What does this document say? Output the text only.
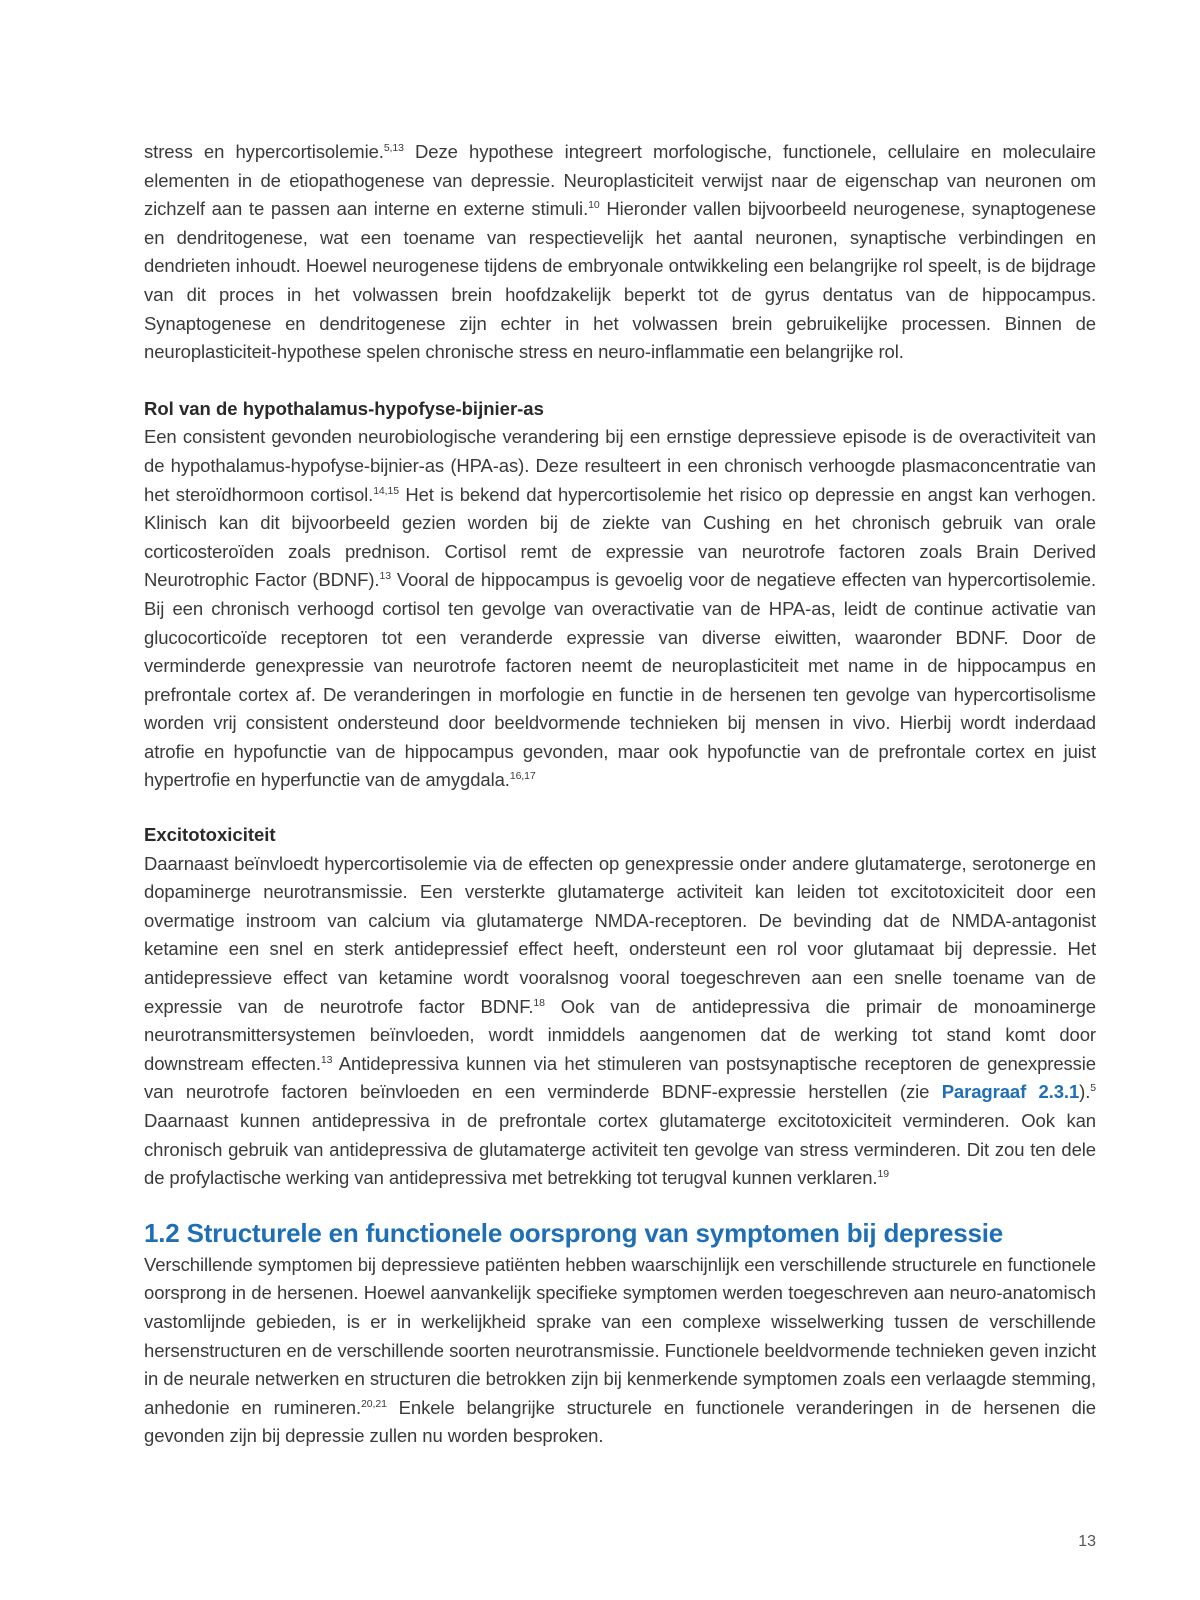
stress en hypercortisolemie.$^{5,13}$ Deze hypothese integreert morfologische, functionele, cellulaire en moleculaire elementen in de etiopathogenese van depressie. Neuroplasticiteit verwijst naar de eigenschap van neuronen om zichzelf aan te passen aan interne en externe stimuli.$^{10}$ Hieronder vallen bijvoorbeeld neurogenese, synaptogenese en dendritogenese, wat een toename van respectievelijk het aantal neuronen, synaptische verbindingen en dendrieten inhoudt. Hoewel neurogenese tijdens de embryonale ontwikkeling een belangrijke rol speelt, is de bijdrage van dit proces in het volwassen brein hoofdzakelijk beperkt tot de gyrus dentatus van de hippocampus. Synaptogenese en dendritogenese zijn echter in het volwassen brein gebruikelijke processen. Binnen de neuroplasticiteit-hypothese spelen chronische stress en neuro-inflammatie een belangrijke rol.

Rol van de hypothalamus-hypofyse-bijnier-as

Een consistent gevonden neurobiologische verandering bij een ernstige depressieve episode is de overactiviteit van de hypothalamus-hypofyse-bijnier-as (HPA-as). Deze resulteert in een chronisch verhoogde plasmaconcentratie van het steroïdhormoon cortisol.$^{14,15}$ Het is bekend dat hypercortisolemie het risico op depressie en angst kan verhogen. Klinisch kan dit bijvoorbeeld gezien worden bij de ziekte van Cushing en het chronisch gebruik van orale corticosteroïden zoals prednison. Cortisol remt de expressie van neurotrofe factoren zoals Brain Derived Neurotrophic Factor (BDNF).$^{13}$ Vooral de hippocampus is gevoelig voor de negatieve effecten van hypercortisolemie. Bij een chronisch verhoogd cortisol ten gevolge van overactivatie van de HPA-as, leidt de continue activatie van glucocorticoïde receptoren tot een veranderde expressie van diverse eiwitten, waaronder BDNF. Door de verminderde genexpressie van neurotrofe factoren neemt de neuroplasticiteit met name in de hippocampus en prefrontale cortex af. De veranderingen in morfologie en functie in de hersenen ten gevolge van hypercortisolisme worden vrij consistent ondersteund door beeldvormende technieken bij mensen in vivo. Hierbij wordt inderdaad atrofie en hypofunctie van de hippocampus gevonden, maar ook hypofunctie van de prefrontale cortex en juist hypertrofie en hyperfunctie van de amygdala.$^{16,17}$

Excitotoxiciteit

Daarnaast beïnvloedt hypercortisolemie via de effecten op genexpressie onder andere glutamaterge, serotonerge en dopaminerge neurotransmissie. Een versterkte glutamaterge activiteit kan leiden tot excitotoxiciteit door een overmatige instroom van calcium via glutamaterge NMDA-receptoren. De bevinding dat de NMDA-antagonist ketamine een snel en sterk antidepressief effect heeft, ondersteunt een rol voor glutamaat bij depressie. Het antidepressieve effect van ketamine wordt vooralsnog vooral toegeschreven aan een snelle toename van de expressie van de neurotrofe factor BDNF.$^{18}$ Ook van de antidepressiva die primair de monoaminerge neurotransmittersystemen beïnvloeden, wordt inmiddels aangenomen dat de werking tot stand komt door downstream effecten.$^{13}$ Antidepressiva kunnen via het stimuleren van postsynaptische receptoren de genexpressie van neurotrofe factoren beïnvloeden en een verminderde BDNF-expressie herstellen (zie Paragraaf 2.3.1).$^5$ Daarnaast kunnen antidepressiva in de prefrontale cortex glutamaterge excitotoxiciteit verminderen. Ook kan chronisch gebruik van antidepressiva de glutamaterge activiteit ten gevolge van stress verminderen. Dit zou ten dele de profylactische werking van antidepressiva met betrekking tot terugval kunnen verklaren.$^{19}$

1.2 Structurele en functionele oorsprong van symptomen bij depressie

Verschillende symptomen bij depressieve patiënten hebben waarschijnlijk een verschillende structurele en functionele oorsprong in de hersenen. Hoewel aanvankelijk specifieke symptomen werden toegeschreven aan neuro-anatomisch vastomlijnde gebieden, is er in werkelijkheid sprake van een complexe wisselwerking tussen de verschillende hersenstructuren en de verschillende soorten neurotransmissie. Functionele beeldvormende technieken geven inzicht in de neurale netwerken en structuren die betrokken zijn bij kenmerkende symptomen zoals een verlaagde stemming, anhedonie en rumineren.$^{20,21}$ Enkele belangrijke structurele en functionele veranderingen in de hersenen die gevonden zijn bij depressie zullen nu worden besproken.

13
